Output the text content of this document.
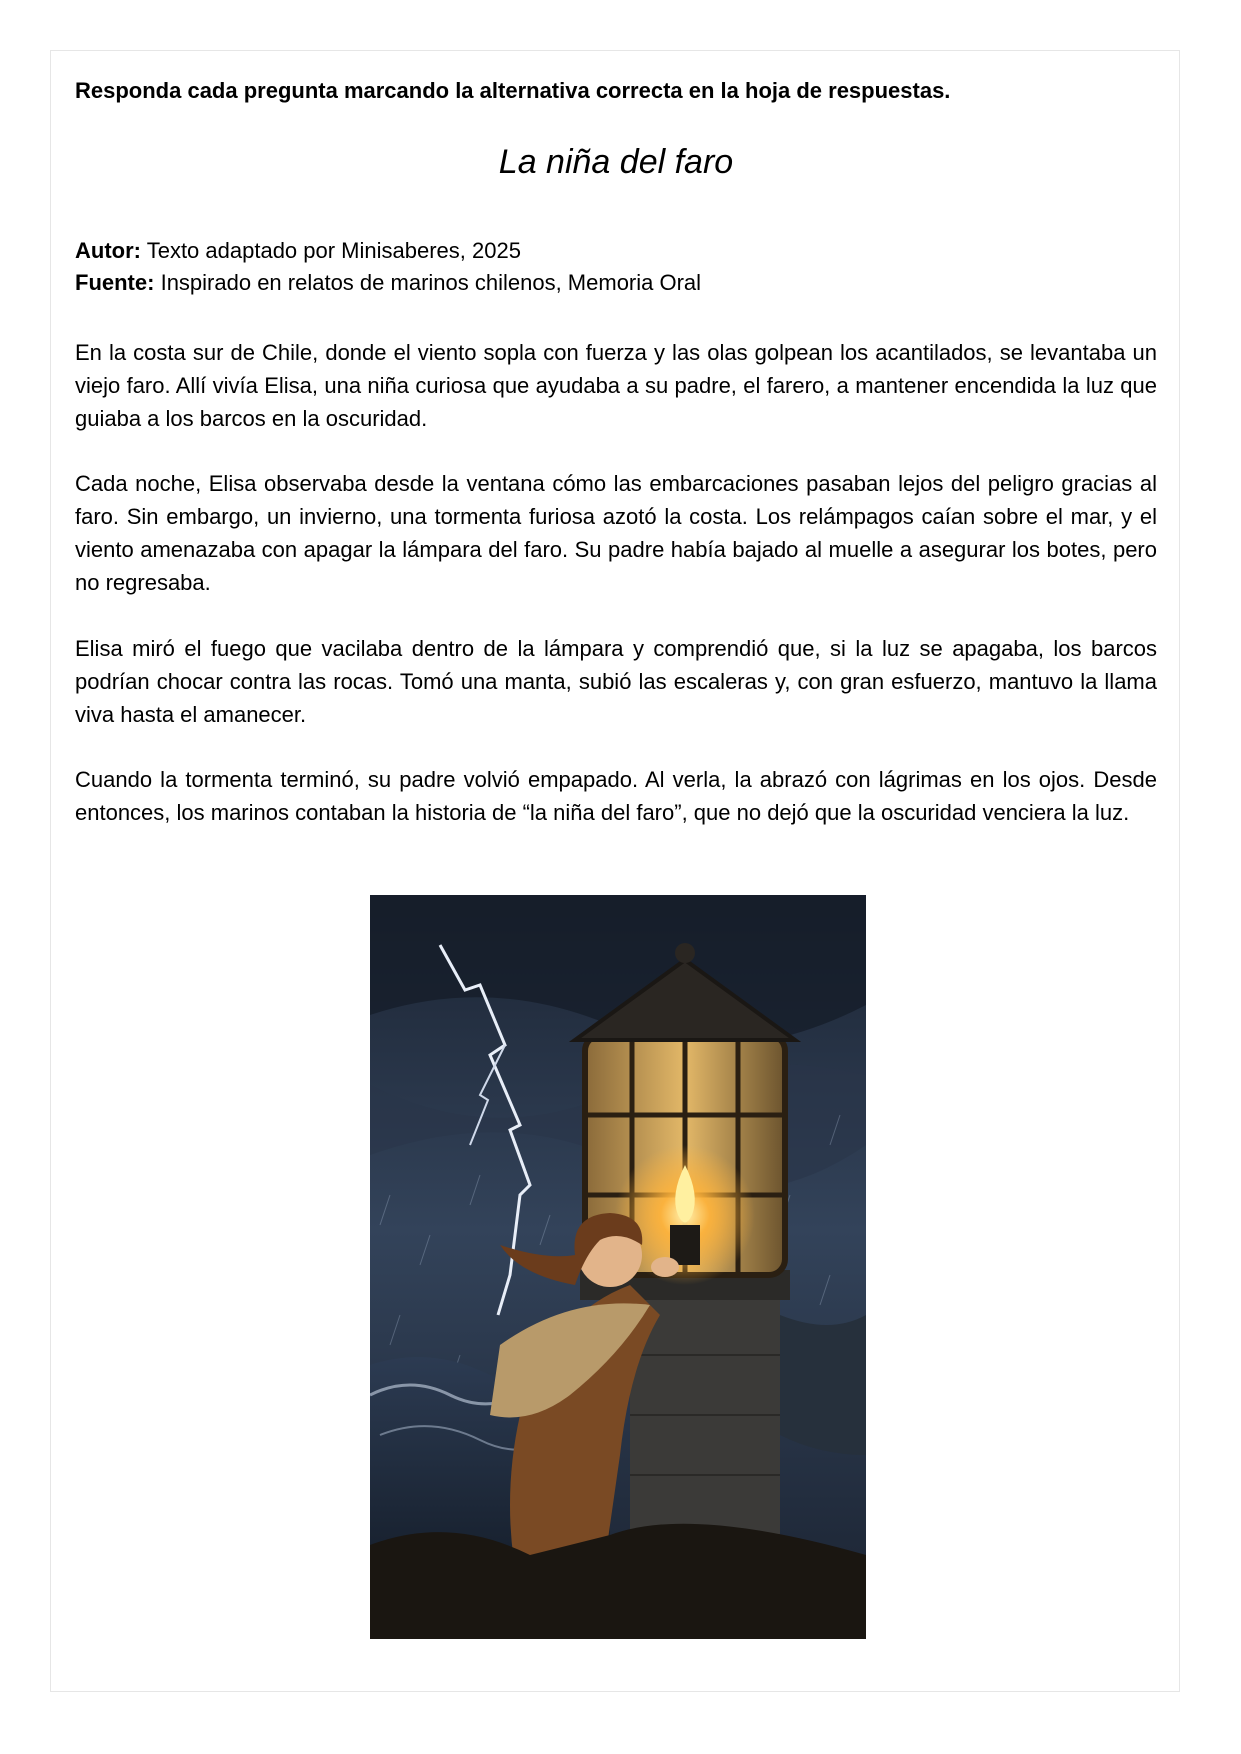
Responda cada pregunta marcando la alternativa correcta en la hoja de respuestas.
La niña del faro
Autor: Texto adaptado por Minisaberes, 2025
Fuente: Inspirado en relatos de marinos chilenos, Memoria Oral

En la costa sur de Chile, donde el viento sopla con fuerza y las olas golpean los acantilados, se levantaba un viejo faro. Allí vivía Elisa, una niña curiosa que ayudaba a su padre, el farero, a mantener encendida la luz que guiaba a los barcos en la oscuridad.

Cada noche, Elisa observaba desde la ventana cómo las embarcaciones pasaban lejos del peligro gracias al faro. Sin embargo, un invierno, una tormenta furiosa azotó la costa. Los relámpagos caían sobre el mar, y el viento amenazaba con apagar la lámpara del faro. Su padre había bajado al muelle a asegurar los botes, pero no regresaba.

Elisa miró el fuego que vacilaba dentro de la lámpara y comprendió que, si la luz se apagaba, los barcos podrían chocar contra las rocas. Tomó una manta, subió las escaleras y, con gran esfuerzo, mantuvo la llama viva hasta el amanecer.

Cuando la tormenta terminó, su padre volvió empapado. Al verla, la abrazó con lágrimas en los ojos. Desde entonces, los marinos contaban la historia de “la niña del faro”, que no dejó que la oscuridad venciera la luz.
